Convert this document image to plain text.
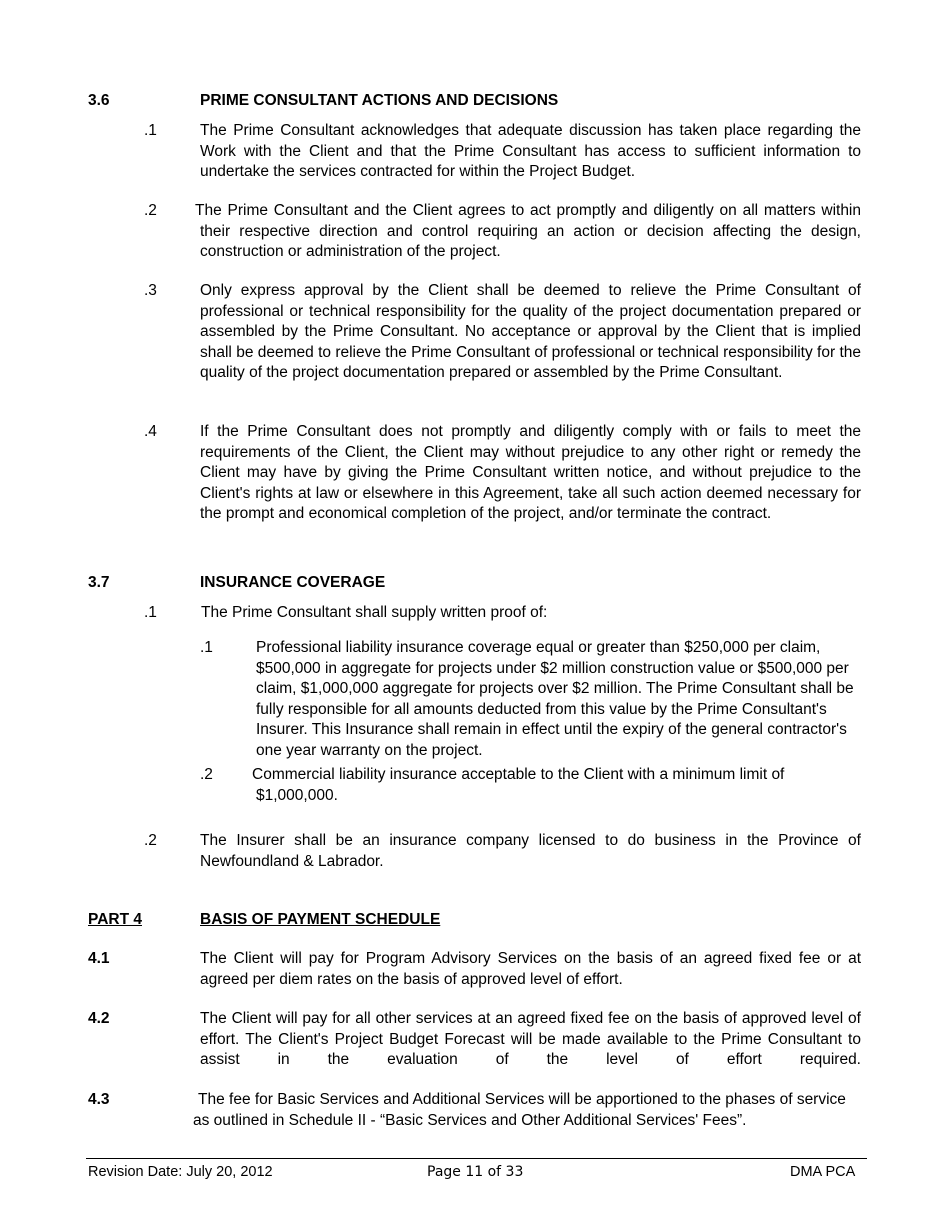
3.6	PRIME CONSULTANT ACTIONS AND DECISIONS
.1	The Prime Consultant acknowledges that adequate discussion has taken place regarding the Work with the Client and that the Prime Consultant has access to sufficient information to undertake the services contracted for within the Project Budget.
.2 The Prime Consultant and the Client agrees to act promptly and diligently on all matters within their respective direction and control requiring an action or decision affecting the design, construction or administration of the project.
.3	Only express approval by the Client shall be deemed to relieve the Prime Consultant of professional or technical responsibility for the quality of the project documentation prepared or assembled by the Prime Consultant. No acceptance or approval by the Client that is implied shall be deemed to relieve the Prime Consultant of professional or technical responsibility for the quality of the project documentation prepared or assembled by the Prime Consultant.
.4	If the Prime Consultant does not promptly and diligently comply with or fails to meet the requirements of the Client, the Client may without prejudice to any other right or remedy the Client may have by giving the Prime Consultant written notice, and without prejudice to the Client's rights at law or elsewhere in this Agreement, take all such action deemed necessary for the prompt and economical completion of the project, and/or terminate the contract.
3.7	INSURANCE COVERAGE
.1	The Prime Consultant shall supply written proof of:
.1	Professional liability insurance coverage equal or greater than $250,000 per claim, $500,000 in aggregate for projects under $2 million construction value or $500,000 per claim, $1,000,000 aggregate for projects over $2 million. The Prime Consultant shall be fully responsible for all amounts deducted from this value by the Prime Consultant's Insurer. This Insurance shall remain in effect until the expiry of the general contractor's one year warranty on the project.
.2	Commercial liability insurance acceptable to the Client with a minimum limit of $1,000,000.
.2	The Insurer shall be an insurance company licensed to do business in the Province of Newfoundland & Labrador.
PART 4	BASIS OF PAYMENT SCHEDULE
4.1	The Client will pay for Program Advisory Services on the basis of an agreed fixed fee or at agreed per diem rates on the basis of approved level of effort.
4.2	The Client will pay for all other services at an agreed fixed fee on the basis of approved level of effort. The Client's Project Budget Forecast will be made available to the Prime Consultant to assist in the evaluation of the level of effort required.
4.3	The fee for Basic Services and Additional Services will be apportioned to the phases of service as outlined in Schedule II - “Basic Services and Other Additional Services' Fees”.
Revision Date: July 20, 2012	Page 11 of 33	DMA PCA
